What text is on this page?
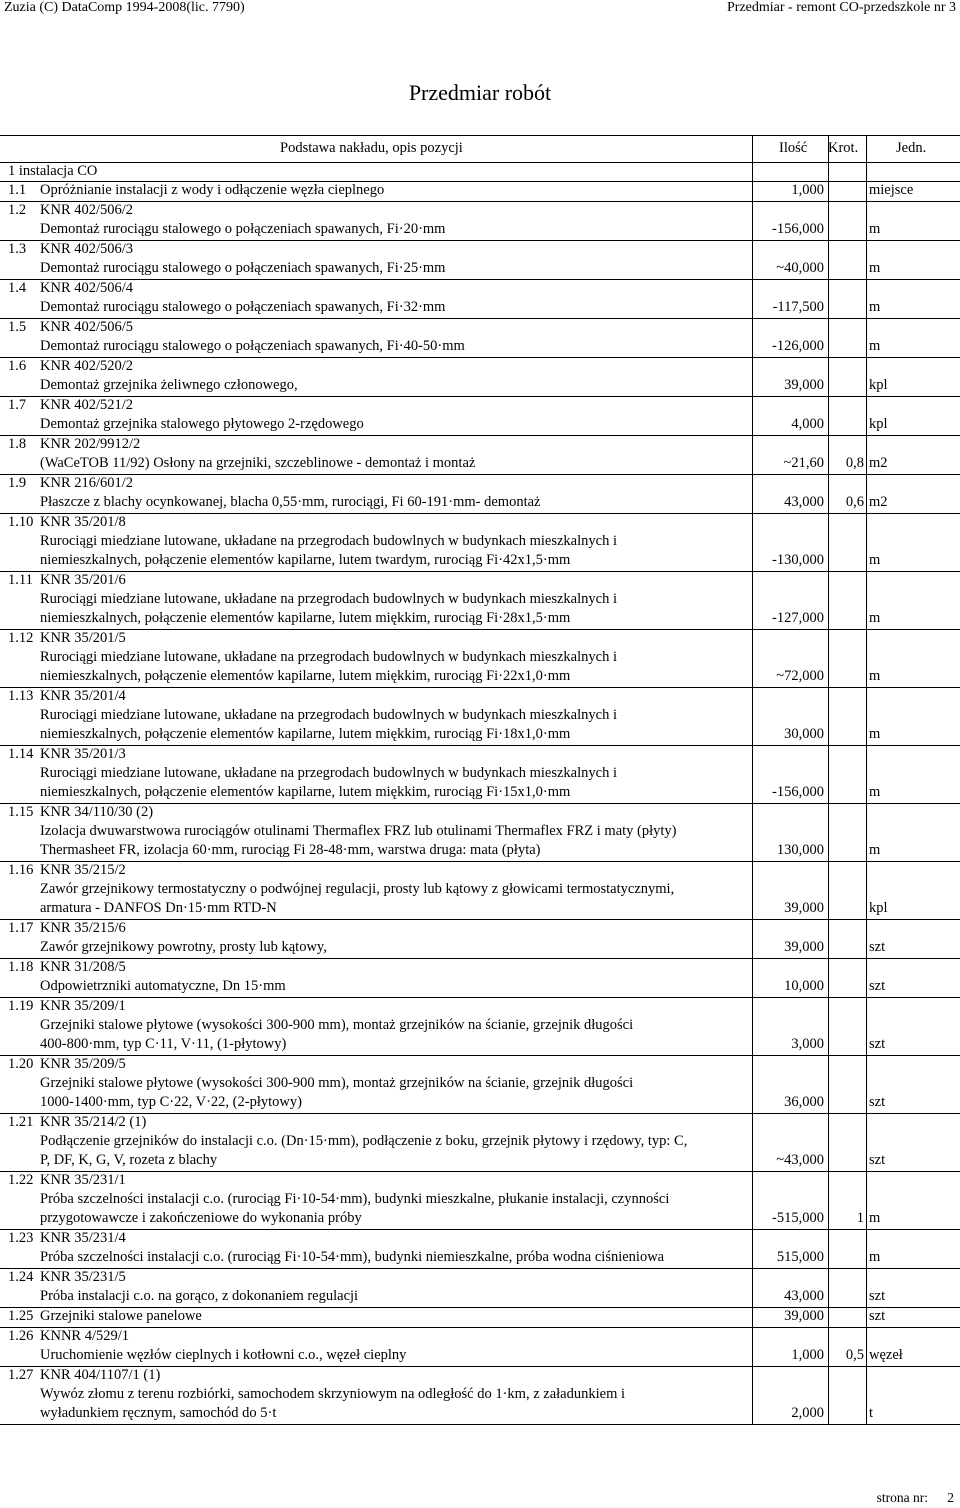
Zuzia (C) DataComp 1994-2008(lic. 7790)	Przedmiar - remont CO-przedszkole nr 3
Przedmiar robót
Podstawa nakładu, opis pozycji	Ilość Krot.	Jedn.
1 instalacja CO
1.1 Opróżnianie instalacji z wody i odłączenie węzła cieplnego	1,000	miejsce
1.2 KNR 402/506/2
Demontaż rurociągu stalowego o połączeniach spawanych, Fi·20·mm	-156,000	m
1.3 KNR 402/506/3
Demontaż rurociągu stalowego o połączeniach spawanych, Fi·25·mm	~40,000	m
1.4 KNR 402/506/4
Demontaż rurociągu stalowego o połączeniach spawanych, Fi·32·mm	-117,500	m
1.5 KNR 402/506/5
Demontaż rurociągu stalowego o połączeniach spawanych, Fi·40-50·mm	-126,000	m
1.6 KNR 402/520/2
Demontaż grzejnika żeliwnego członowego,	39,000	kpl
1.7 KNR 402/521/2
Demontaż grzejnika stalowego płytowego 2-rzędowego	4,000	kpl
1.8 KNR 202/9912/2
(WaCeTOB 11/92) Osłony na grzejniki, szczeblinowe - demontaż i montaż	~21,60 0,8 m2
1.9 KNR 216/601/2
Płaszcze z blachy ocynkowanej, blacha 0,55·mm, rurociągi, Fi 60-191·mm- demontaż	43,000 0,6 m2
1.10 KNR 35/201/8
Rurociągi miedziane lutowane, układane na przegrodach budowlnych w budynkach mieszkalnych i
niemieszkalnych, połączenie elementów kapilarne, lutem twardym, rurociąg Fi·42x1,5·mm	-130,000	m
1.11 KNR 35/201/6
Rurociągi miedziane lutowane, układane na przegrodach budowlnych w budynkach mieszkalnych i
niemieszkalnych, połączenie elementów kapilarne, lutem miękkim, rurociąg Fi·28x1,5·mm	-127,000	m
1.12 KNR 35/201/5
Rurociągi miedziane lutowane, układane na przegrodach budowlnych w budynkach mieszkalnych i
niemieszkalnych, połączenie elementów kapilarne, lutem miękkim, rurociąg Fi·22x1,0·mm	~72,000	m
1.13 KNR 35/201/4
Rurociągi miedziane lutowane, układane na przegrodach budowlnych w budynkach mieszkalnych i
niemieszkalnych, połączenie elementów kapilarne, lutem miękkim, rurociąg Fi·18x1,0·mm	30,000	m
1.14 KNR 35/201/3
Rurociągi miedziane lutowane, układane na przegrodach budowlnych w budynkach mieszkalnych i
niemieszkalnych, połączenie elementów kapilarne, lutem miękkim, rurociąg Fi·15x1,0·mm	-156,000	m
1.15 KNR 34/110/30 (2)
Izolacja dwuwarstwowa rurociągów otulinami Thermaflex FRZ lub otulinami Thermaflex FRZ i maty (płyty)
Thermasheet FR, izolacja 60·mm, rurociąg Fi 28-48·mm, warstwa druga: mata (płyta)	130,000	m
1.16 KNR 35/215/2
Zawór grzejnikowy termostatyczny o podwójnej regulacji, prosty lub kątowy z głowicami termostatycznymi,
armatura - DANFOS Dn·15·mm RTD-N	39,000	kpl
1.17 KNR 35/215/6
Zawór grzejnikowy powrotny, prosty lub kątowy,	39,000	szt
1.18 KNR 31/208/5
Odpowietrzniki automatyczne, Dn 15·mm	10,000	szt
1.19 KNR 35/209/1
Grzejniki stalowe płytowe (wysokości 300-900 mm), montaż grzejników na ścianie, grzejnik długości
400-800·mm, typ C·11, V·11, (1-płytowy)	3,000	szt
1.20 KNR 35/209/5
Grzejniki stalowe płytowe (wysokości 300-900 mm), montaż grzejników na ścianie, grzejnik długości
1000-1400·mm, typ C·22, V·22, (2-płytowy)	36,000	szt
1.21 KNR 35/214/2 (1)
Podłączenie grzejników do instalacji c.o. (Dn·15·mm), podłączenie z boku, grzejnik płytowy i rzędowy, typ: C,
P, DF, K, G, V, rozeta z blachy	~43,000	szt
1.22 KNR 35/231/1
Próba szczelności instalacji c.o. (rurociąg Fi·10-54·mm), budynki mieszkalne, płukanie instalacji, czynności
przygotowawcze i zakończeniowe do wykonania próby	-515,000 1 m
1.23 KNR 35/231/4
Próba szczelności instalacji c.o. (rurociąg Fi·10-54·mm), budynki niemieszkalne, próba wodna ciśnieniowa	515,000	m
1.24 KNR 35/231/5
Próba instalacji c.o. na gorąco, z dokonaniem regulacji	43,000	szt
1.25 Grzejniki stalowe panelowe	39,000	szt
1.26 KNNR 4/529/1
Uruchomienie węzłów cieplnych i kotłowni c.o., węzeł cieplny	1,000 0,5 węzeł
1.27 KNR 404/1107/1 (1)
Wywóz złomu z terenu rozbiórki, samochodem skrzyniowym na odległość do 1·km, z załadunkiem i
wyładunkiem ręcznym, samochód do 5·t	2,000	t
strona nr: 2
